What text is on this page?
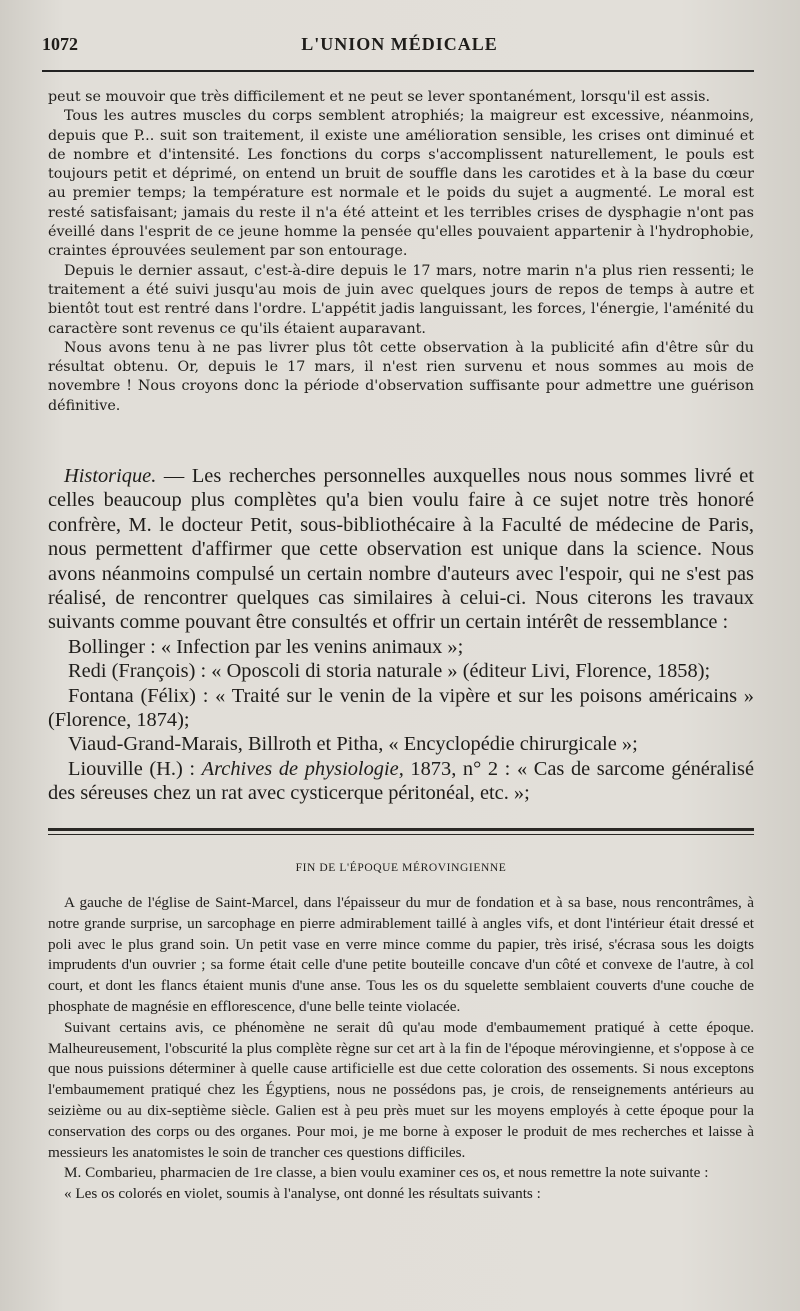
1072	L'UNION MÉDICALE

peut se mouvoir que très difficilement et ne peut se lever spontanément, lorsqu'il est assis.

Tous les autres muscles du corps semblent atrophiés; la maigreur est excessive, néanmoins, depuis que P... suit son traitement, il existe une amélioration sensible, les crises ont diminué et de nombre et d'intensité. Les fonctions du corps s'accomplissent naturellement, le pouls est toujours petit et déprimé, on entend un bruit de souffle dans les carotides et à la base du cœur au premier temps; la température est normale et le poids du sujet a augmenté. Le moral est resté satisfaisant; jamais du reste il n'a été atteint et les terribles crises de dysphagie n'ont pas éveillé dans l'esprit de ce jeune homme la pensée qu'elles pouvaient appartenir à l'hydrophobie, craintes éprouvées seulement par son entourage.

Depuis le dernier assaut, c'est-à-dire depuis le 17 mars, notre marin n'a plus rien ressenti; le traitement a été suivi jusqu'au mois de juin avec quelques jours de repos de temps à autre et bientôt tout est rentré dans l'ordre. L'appétit jadis languissant, les forces, l'énergie, l'aménité du caractère sont revenus ce qu'ils étaient auparavant.

Nous avons tenu à ne pas livrer plus tôt cette observation à la publicité afin d'être sûr du résultat obtenu. Or, depuis le 17 mars, il n'est rien survenu et nous sommes au mois de novembre ! Nous croyons donc la période d'observation suffisante pour admettre une guérison définitive.

Historique. — Les recherches personnelles auxquelles nous nous sommes livré et celles beaucoup plus complètes qu'a bien voulu faire à ce sujet notre très honoré confrère, M. le docteur Petit, sous-bibliothécaire à la Faculté de médecine de Paris, nous permettent d'affirmer que cette observation est unique dans la science. Nous avons néanmoins compulsé un certain nombre d'auteurs avec l'espoir, qui ne s'est pas réalisé, de rencontrer quelques cas similaires à celui-ci. Nous citerons les travaux suivants comme pouvant être consultés et offrir un certain intérêt de ressemblance :

Bollinger : « Infection par les venins animaux »;

Redi (François) : « Oposcoli di storia naturale » (éditeur Livi, Florence, 1858);

Fontana (Félix) : « Traité sur le venin de la vipère et sur les poisons américains » (Florence, 1874);

Viaud-Grand-Marais, Billroth et Pitha, « Encyclopédie chirurgicale »;

Liouville (H.) : Archives de physiologie, 1873, n° 2 : « Cas de sarcome généralisé des séreuses chez un rat avec cysticerque péritonéal, etc. »;

FIN DE L'ÉPOQUE MÉROVINGIENNE

A gauche de l'église de Saint-Marcel, dans l'épaisseur du mur de fondation et à sa base, nous rencontrâmes, à notre grande surprise, un sarcophage en pierre admirablement taillé à angles vifs, et dont l'intérieur était dressé et poli avec le plus grand soin. Un petit vase en verre mince comme du papier, très irisé, s'écrasa sous les doigts imprudents d'un ouvrier ; sa forme était celle d'une petite bouteille concave d'un côté et convexe de l'autre, à col court, et dont les flancs étaient munis d'une anse. Tous les os du squelette semblaient couverts d'une couche de phosphate de magnésie en efflorescence, d'une belle teinte violacée.

Suivant certains avis, ce phénomène ne serait dû qu'au mode d'embaumement pratiqué à cette époque. Malheureusement, l'obscurité la plus complète règne sur cet art à la fin de l'époque mérovingienne, et s'oppose à ce que nous puissions déterminer à quelle cause artificielle est due cette coloration des ossements. Si nous exceptons l'embaumement pratiqué chez les Égyptiens, nous ne possédons pas, je crois, de renseignements antérieurs au seizième ou au dix-septième siècle. Galien est à peu près muet sur les moyens employés à cette époque pour la conservation des corps ou des organes. Pour moi, je me borne à exposer le produit de mes recherches et laisse à messieurs les anatomistes le soin de trancher ces questions difficiles.

M. Combarieu, pharmacien de 1re classe, a bien voulu examiner ces os, et nous remettre la note suivante :

« Les os colorés en violet, soumis à l'analyse, ont donné les résultats suivants :
